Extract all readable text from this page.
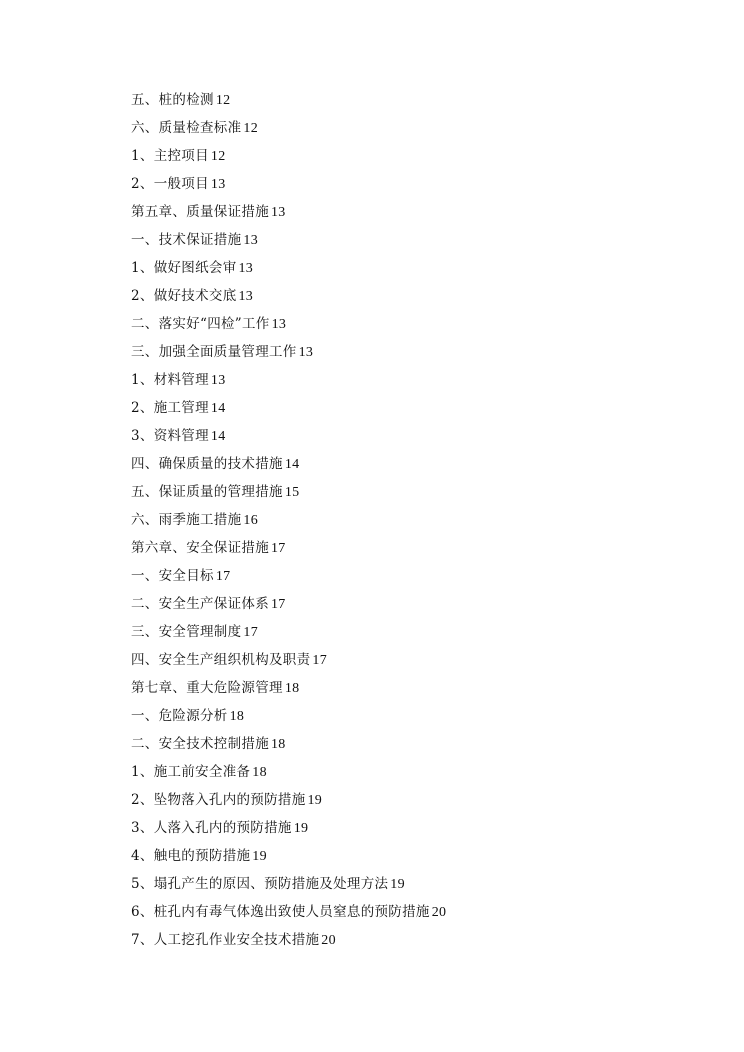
五、桩的检测 12
六、质量检查标准 12
1、主控项目 12
2、一般项目 13
第五章、质量保证措施 13
一、技术保证措施 13
1、做好图纸会审 13
2、做好技术交底 13
二、落实好“四检”工作 13
三、加强全面质量管理工作 13
1、材料管理 13
2、施工管理 14
3、资料管理 14
四、确保质量的技术措施 14
五、保证质量的管理措施 15
六、雨季施工措施 16
第六章、安全保证措施 17
一、安全目标 17
二、安全生产保证体系 17
三、安全管理制度 17
四、安全生产组织机构及职责 17
第七章、重大危险源管理 18
一、危险源分析 18
二、安全技术控制措施 18
1、施工前安全准备 18
2、坠物落入孔内的预防措施 19
3、人落入孔内的预防措施 19
4、触电的预防措施 19
5、塌孔产生的原因、预防措施及处理方法 19
6、桩孔内有毒气体逸出致使人员窒息的预防措施 20
7、人工挖孔作业安全技术措施 20
